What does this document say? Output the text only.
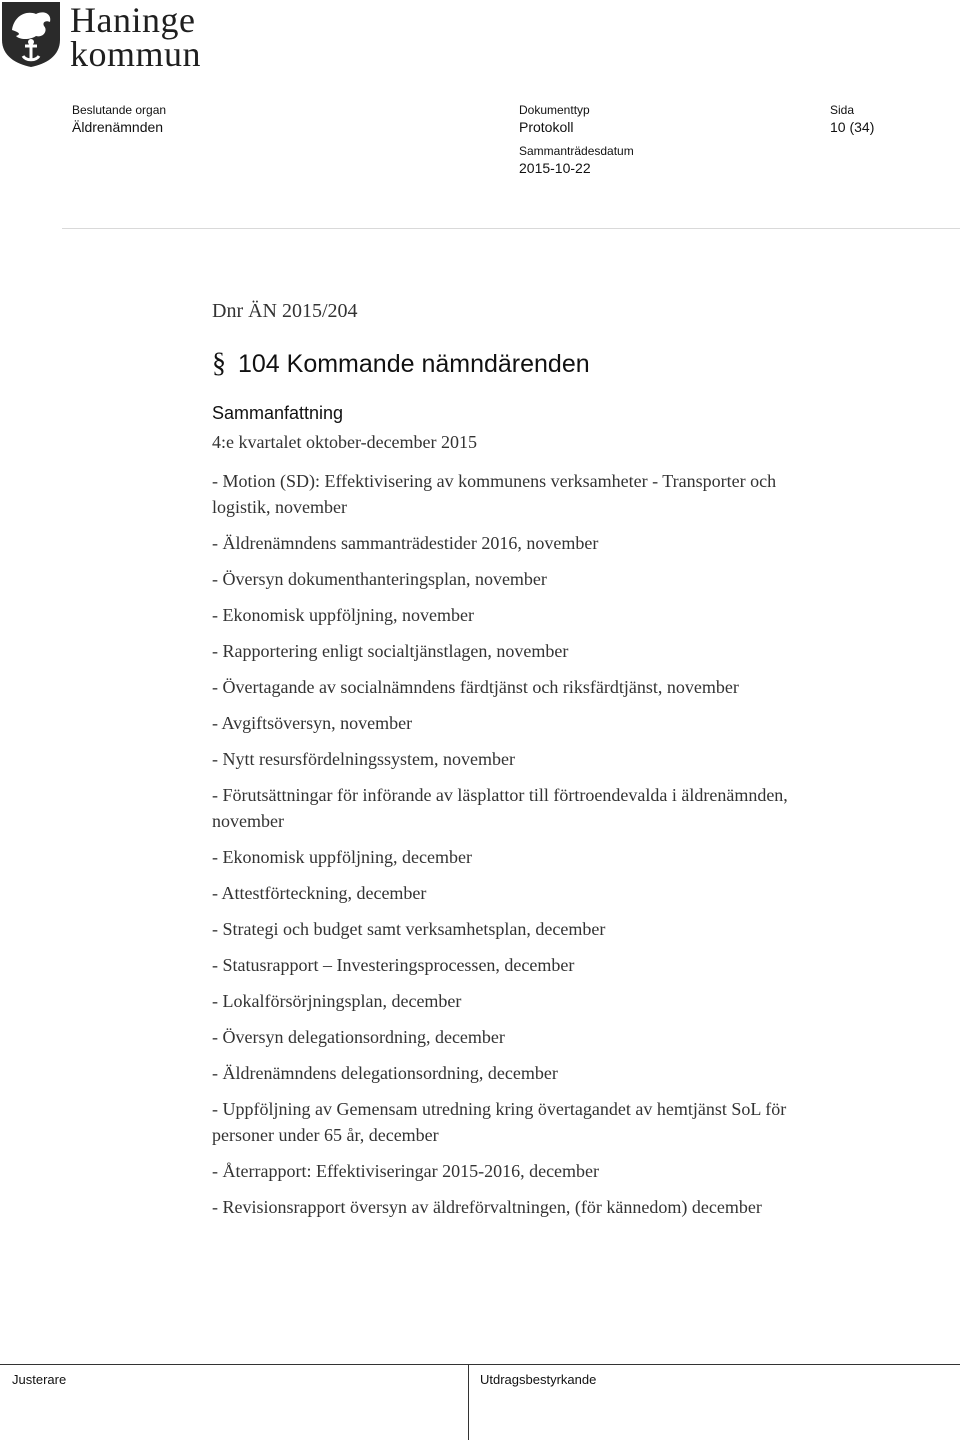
Haninge
kommun
Beslutande organ
Äldrenämnden
Dokumenttyp
Protokoll
Sida
10 (34)
Sammanträdesdatum
2015-10-22
Dnr ÄN 2015/204
§ 104 Kommande nämndärenden
Sammanfattning
4:e kvartalet oktober-december 2015
- Motion (SD): Effektivisering av kommunens verksamheter - Transporter och logistik, november
- Äldrenämndens sammanträdestider 2016, november
- Översyn dokumenthanteringsplan, november
- Ekonomisk uppföljning, november
- Rapportering enligt socialtjänstlagen, november
- Övertagande av socialnämndens färdtjänst och riksfärdtjänst, november
- Avgiftsöversyn, november
- Nytt resursfördelningssystem, november
- Förutsättningar för införande av läsplattor till förtroendevalda i äldrenämnden, november
- Ekonomisk uppföljning, december
- Attestförteckning, december
- Strategi och budget samt verksamhetsplan, december
- Statusrapport – Investeringsprocessen, december
- Lokalförsörjningsplan, december
- Översyn delegationsordning, december
- Äldrenämndens delegationsordning, december
- Uppföljning av Gemensam utredning kring övertagandet av hemtjänst SoL för personer under 65 år, december
- Återrapport: Effektiviseringar 2015-2016, december
- Revisionsrapport översyn av äldreförvaltningen, (för kännedom) december
Justerare	Utdragsbestyrkande
